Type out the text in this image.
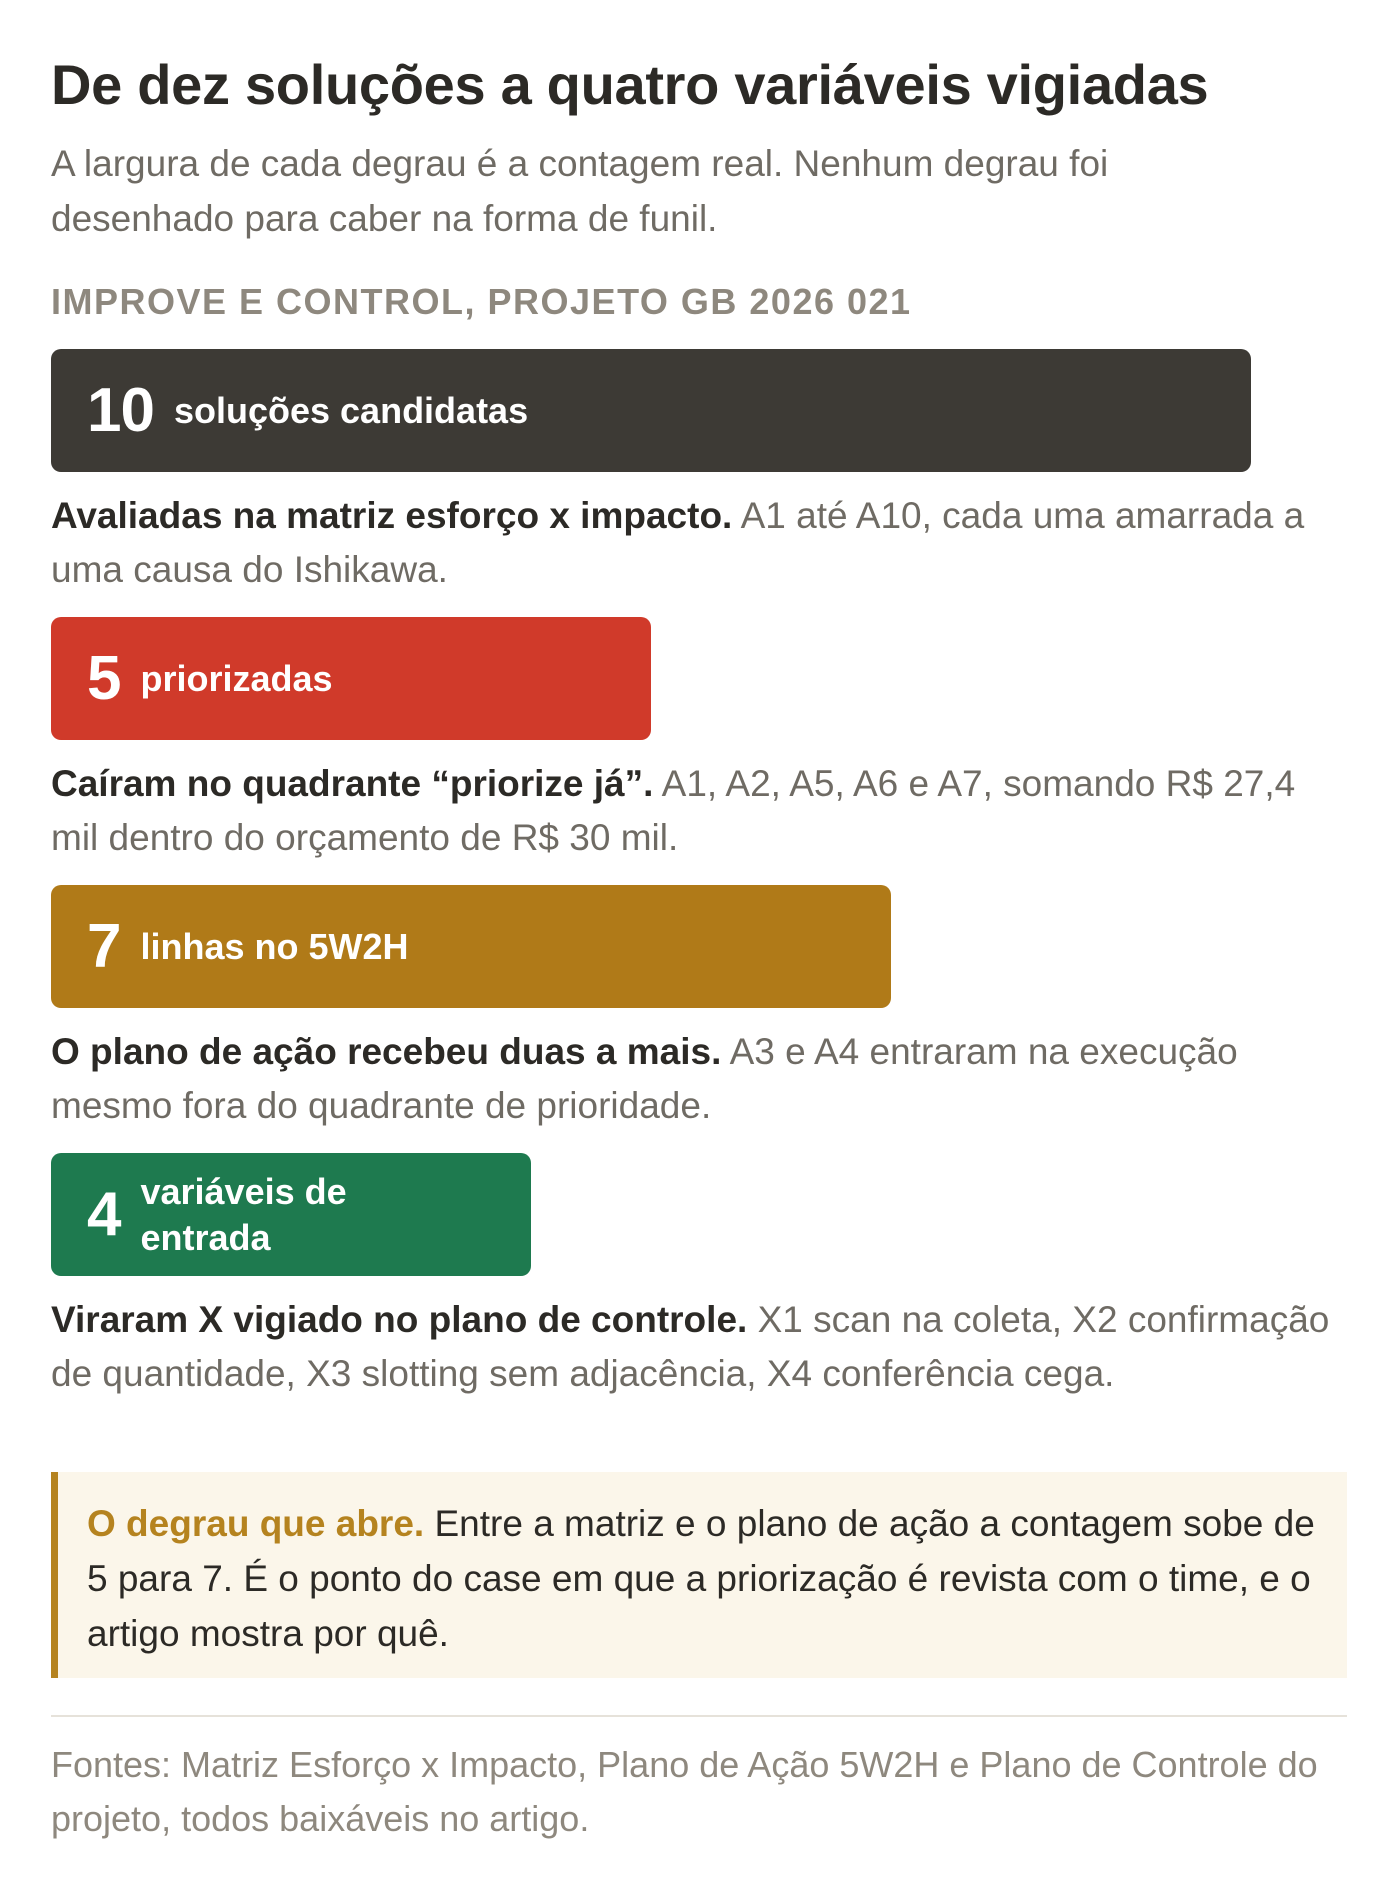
De dez soluções a quatro variáveis vigiadas
A largura de cada degrau é a contagem real. Nenhum degrau foi desenhado para caber na forma de funil.
IMPROVE E CONTROL, PROJETO GB 2026 021
10 soluções candidatas
Avaliadas na matriz esforço x impacto. A1 até A10, cada uma amarrada a uma causa do Ishikawa.
5 priorizadas
Caíram no quadrante “priorize já”. A1, A2, A5, A6 e A7, somando R$ 27,4 mil dentro do orçamento de R$ 30 mil.
7 linhas no 5W2H
O plano de ação recebeu duas a mais. A3 e A4 entraram na execução mesmo fora do quadrante de prioridade.
4 variáveis de entrada
Viraram X vigiado no plano de controle. X1 scan na coleta, X2 confirmação de quantidade, X3 slotting sem adjacência, X4 conferência cega.
O degrau que abre. Entre a matriz e o plano de ação a contagem sobe de 5 para 7. É o ponto do case em que a priorização é revista com o time, e o artigo mostra por quê.
Fontes: Matriz Esforço x Impacto, Plano de Ação 5W2H e Plano de Controle do projeto, todos baixáveis no artigo.
